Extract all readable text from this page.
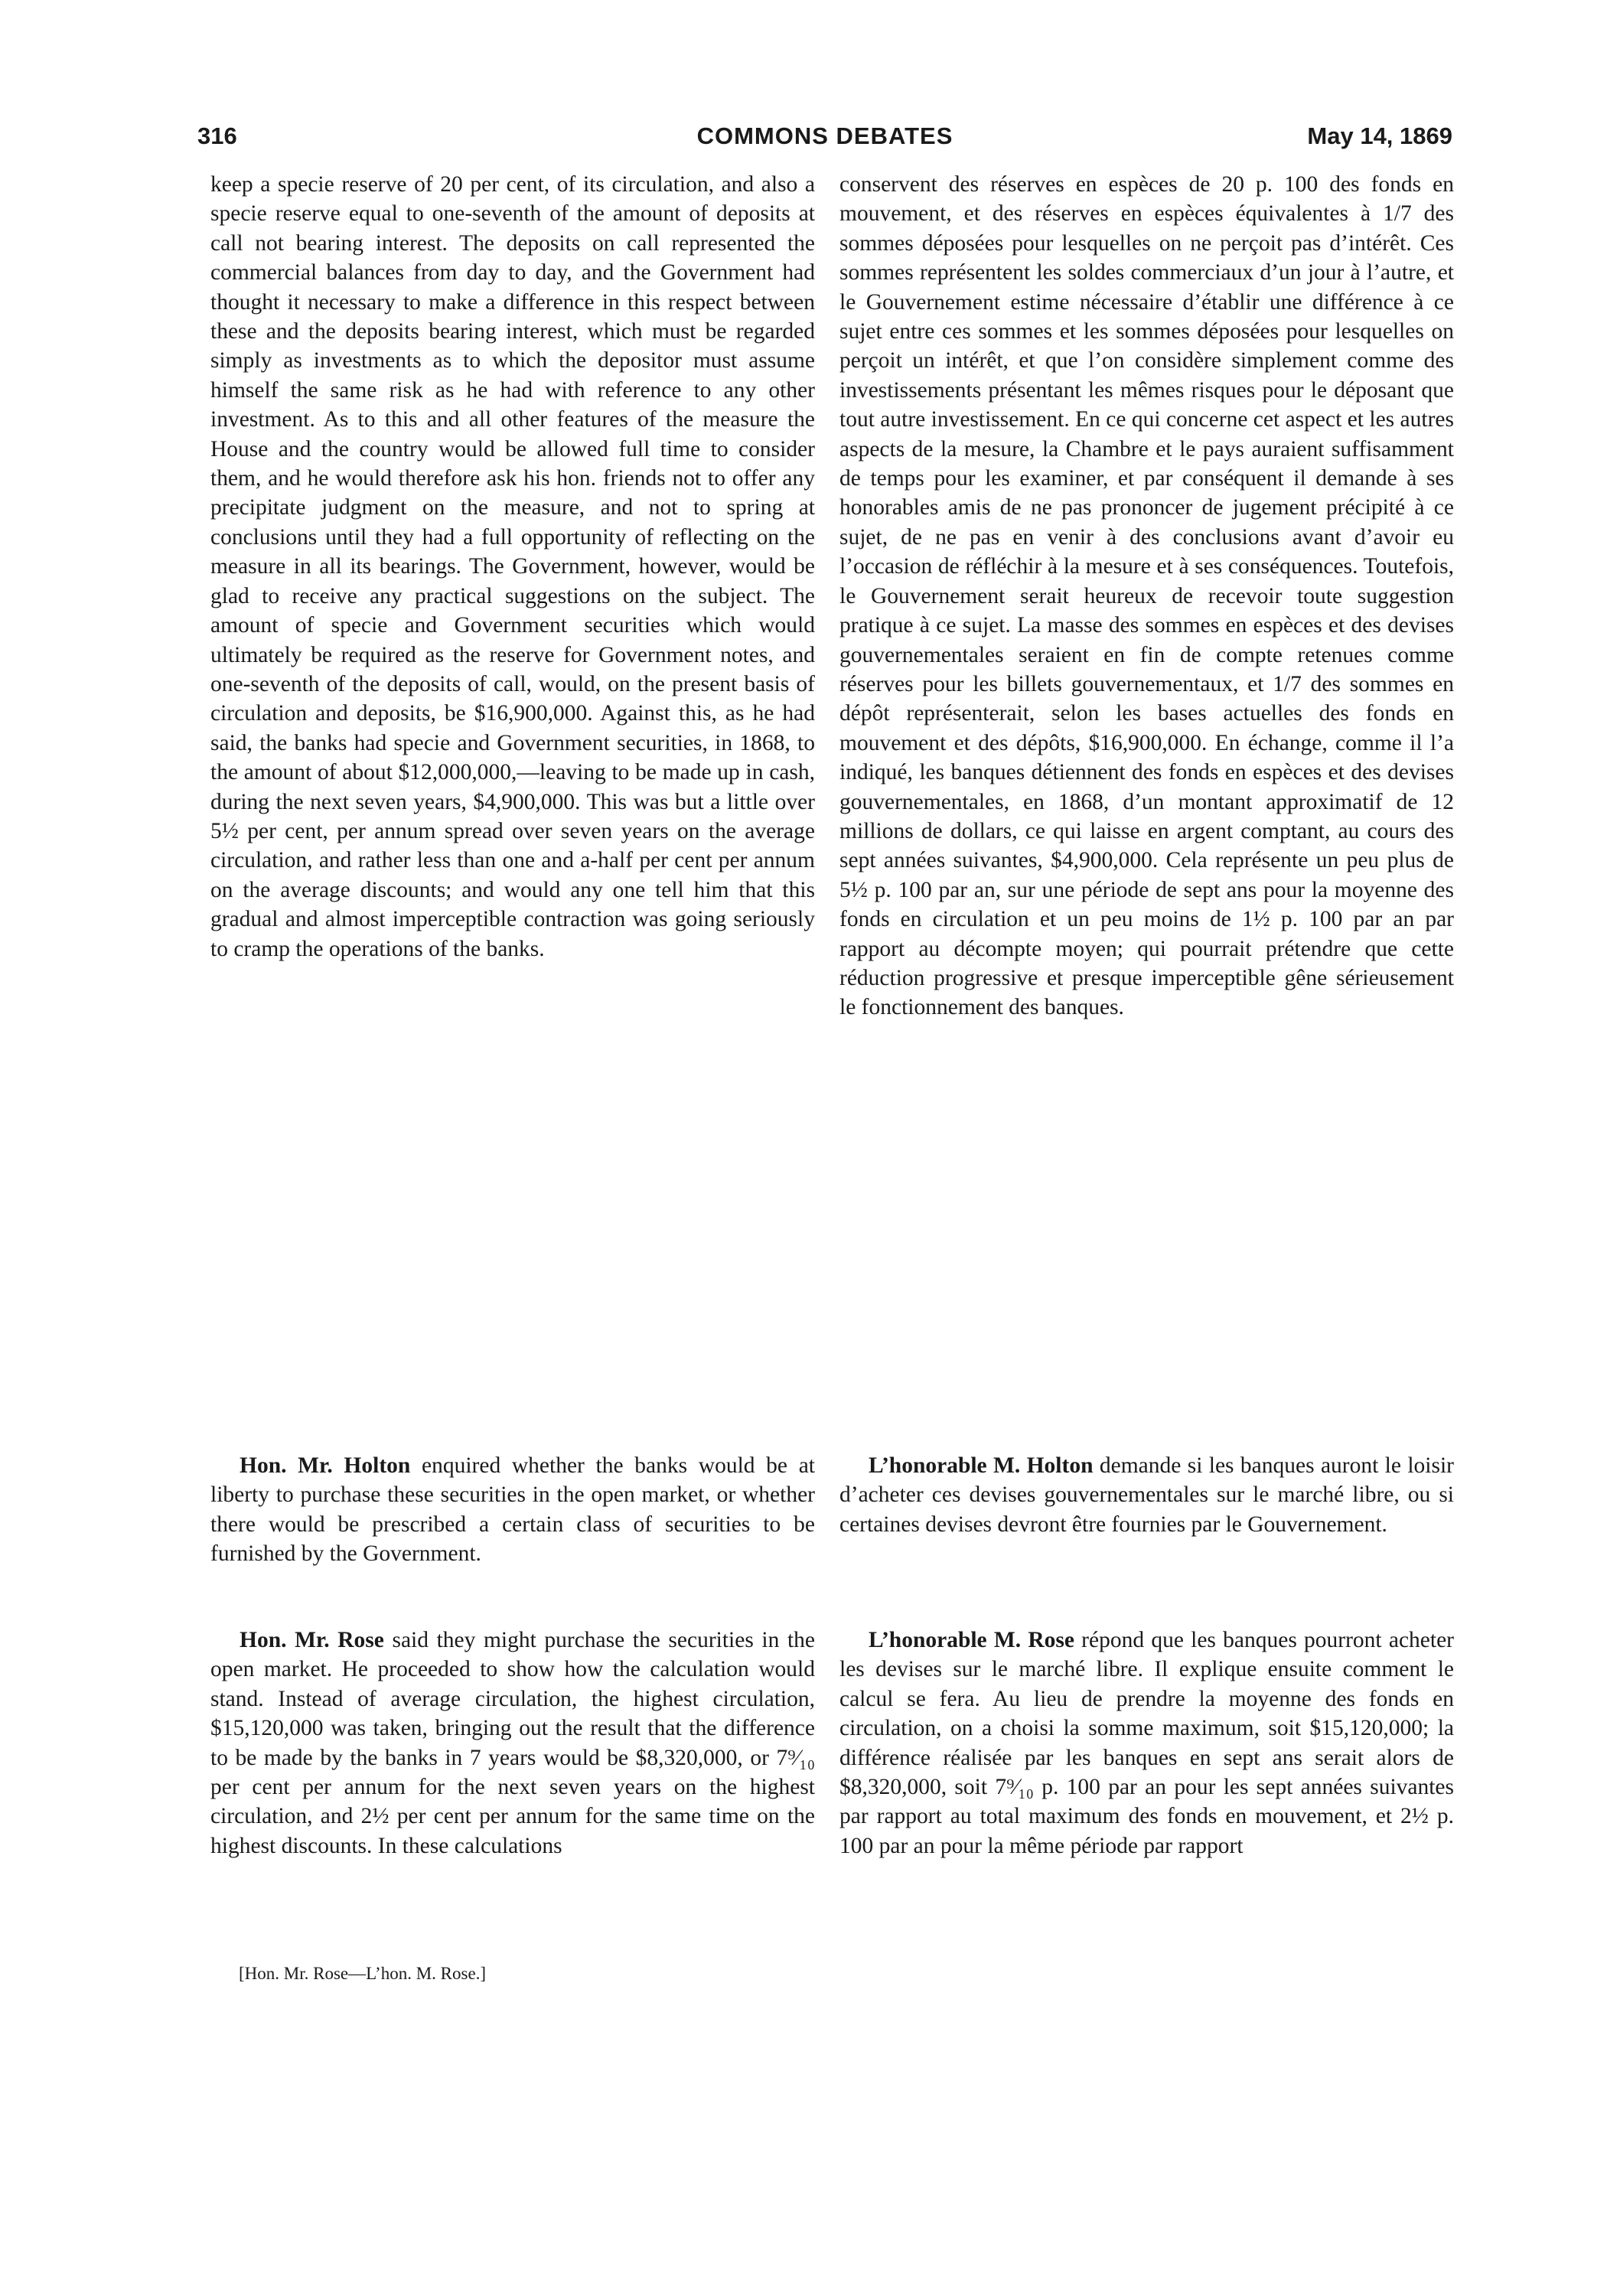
316	COMMONS DEBATES	May 14, 1869

keep a specie reserve of 20 per cent, of its circulation, and also a specie reserve equal to one-seventh of the amount of deposits at call not bearing interest. The deposits on call represented the commercial balances from day to day, and the Government had thought it necessary to make a difference in this respect between these and the deposits bearing interest, which must be regarded simply as investments as to which the depositor must assume himself the same risk as he had with reference to any other investment. As to this and all other features of the measure the House and the country would be allowed full time to consider them, and he would therefore ask his hon. friends not to offer any precipitate judgment on the measure, and not to spring at conclusions until they had a full opportunity of reflecting on the measure in all its bearings. The Government, however, would be glad to receive any practical suggestions on the subject. The amount of specie and Government securities which would ultimately be required as the reserve for Government notes, and one-seventh of the deposits of call, would, on the present basis of circulation and deposits, be $16,900,000. Against this, as he had said, the banks had specie and Government securities, in 1868, to the amount of about $12,000,000,—leaving to be made up in cash, during the next seven years, $4,900,000. This was but a little over 5½ per cent, per annum spread over seven years on the average circulation, and rather less than one and a-half per cent per annum on the average discounts; and would any one tell him that this gradual and almost imperceptible contraction was going seriously to cramp the operations of the banks.

Hon. Mr. Holton enquired whether the banks would be at liberty to purchase these securities in the open market, or whether there would be prescribed a certain class of securities to be furnished by the Government.

Hon. Mr. Rose said they might purchase the securities in the open market. He proceeded to show how the calculation would stand. Instead of average circulation, the highest circulation, $15,120,000 was taken, bringing out the result that the difference to be made by the banks in 7 years would be $8,320,000, or 7⁹⁄₁₀ per cent per annum for the next seven years on the highest circulation, and 2½ per cent per annum for the same time on the highest discounts. In these calculations

[Hon. Mr. Rose—L’hon. M. Rose.]

conservent des réserves en espèces de 20 p. 100 des fonds en mouvement, et des réserves en espèces équivalentes à 1/7 des sommes déposées pour lesquelles on ne perçoit pas d’intérêt. Ces sommes représentent les soldes commerciaux d’un jour à l’autre, et le Gouvernement estime nécessaire d’établir une différence à ce sujet entre ces sommes et les sommes déposées pour lesquelles on perçoit un intérêt, et que l’on considère simplement comme des investissements présentant les mêmes risques pour le déposant que tout autre investissement. En ce qui concerne cet aspect et les autres aspects de la mesure, la Chambre et le pays auraient suffisamment de temps pour les examiner, et par conséquent il demande à ses honorables amis de ne pas prononcer de jugement précipité à ce sujet, de ne pas en venir à des conclusions avant d’avoir eu l’occasion de réfléchir à la mesure et à ses conséquences. Toutefois, le Gouvernement serait heureux de recevoir toute suggestion pratique à ce sujet. La masse des sommes en espèces et des devises gouvernementales seraient en fin de compte retenues comme réserves pour les billets gouvernementaux, et 1/7 des sommes en dépôt représenterait, selon les bases actuelles des fonds en mouvement et des dépôts, $16,900,000. En échange, comme il l’a indiqué, les banques détiennent des fonds en espèces et des devises gouvernementales, en 1868, d’un montant approximatif de 12 millions de dollars, ce qui laisse en argent comptant, au cours des sept années suivantes, $4,900,000. Cela représente un peu plus de 5½ p. 100 par an, sur une période de sept ans pour la moyenne des fonds en circulation et un peu moins de 1½ p. 100 par an par rapport au décompte moyen; qui pourrait prétendre que cette réduction progressive et presque imperceptible gêne sérieusement le fonctionnement des banques.

L’honorable M. Holton demande si les banques auront le loisir d’acheter ces devises gouvernementales sur le marché libre, ou si certaines devises devront être fournies par le Gouvernement.

L’honorable M. Rose répond que les banques pourront acheter les devises sur le marché libre. Il explique ensuite comment le calcul se fera. Au lieu de prendre la moyenne des fonds en circulation, on a choisi la somme maximum, soit $15,120,000; la différence réalisée par les banques en sept ans serait alors de $8,320,000, soit 7⁹⁄₁₀ p. 100 par an pour les sept années suivantes par rapport au total maximum des fonds en mouvement, et 2½ p. 100 par an pour la même période par rapport
